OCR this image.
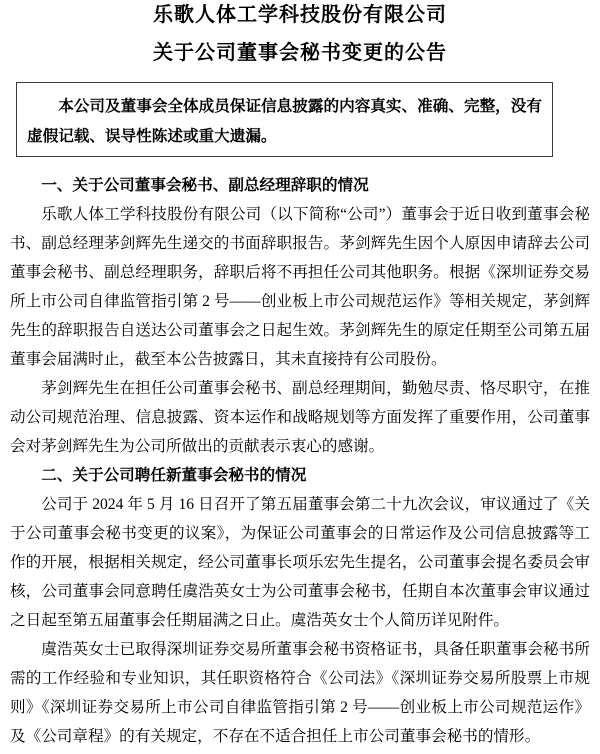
乐歌人体工学科技股份有限公司
关于公司董事会秘书变更的公告
本公司及董事会全体成员保证信息披露的内容真实、准确、完整，没有虚假记载、误导性陈述或重大遗漏。
一、关于公司董事会秘书、副总经理辞职的情况

乐歌人体工学科技股份有限公司（以下简称“公司”）董事会于近日收到董事会秘书、副总经理茅剑辉先生递交的书面辞职报告。茅剑辉先生因个人原因申请辞去公司董事会秘书、副总经理职务，辞职后将不再担任公司其他职务。根据《深圳证券交易所上市公司自律监管指引第 2 号——创业板上市公司规范运作》等相关规定，茅剑辉先生的辞职报告自送达公司董事会之日起生效。茅剑辉先生的原定任期至公司第五届董事会届满时止，截至本公告披露日，其未直接持有公司股份。

茅剑辉先生在担任公司董事会秘书、副总经理期间，勤勉尽责、恪尽职守，在推动公司规范治理、信息披露、资本运作和战略规划等方面发挥了重要作用，公司董事会对茅剑辉先生为公司所做出的贡献表示衷心的感谢。

二、关于公司聘任新董事会秘书的情况

公司于 2024 年 5 月 16 日召开了第五届董事会第二十九次会议，审议通过了《关于公司董事会秘书变更的议案》，为保证公司董事会的日常运作及公司信息披露等工作的开展，根据相关规定，经公司董事长项乐宏先生提名，公司董事会提名委员会审核，公司董事会同意聘任虞浩英女士为公司董事会秘书，任期自本次董事会审议通过之日起至第五届董事会任期届满之日止。虞浩英女士个人简历详见附件。

虞浩英女士已取得深圳证券交易所董事会秘书资格证书，具备任职董事会秘书所需的工作经验和专业知识，其任职资格符合《公司法》《深圳证券交易所股票上市规则》《深圳证券交易所上市公司自律监管指引第 2 号——创业板上市公司规范运作》及《公司章程》的有关规定，不存在不适合担任上市公司董事会秘书的情形。
